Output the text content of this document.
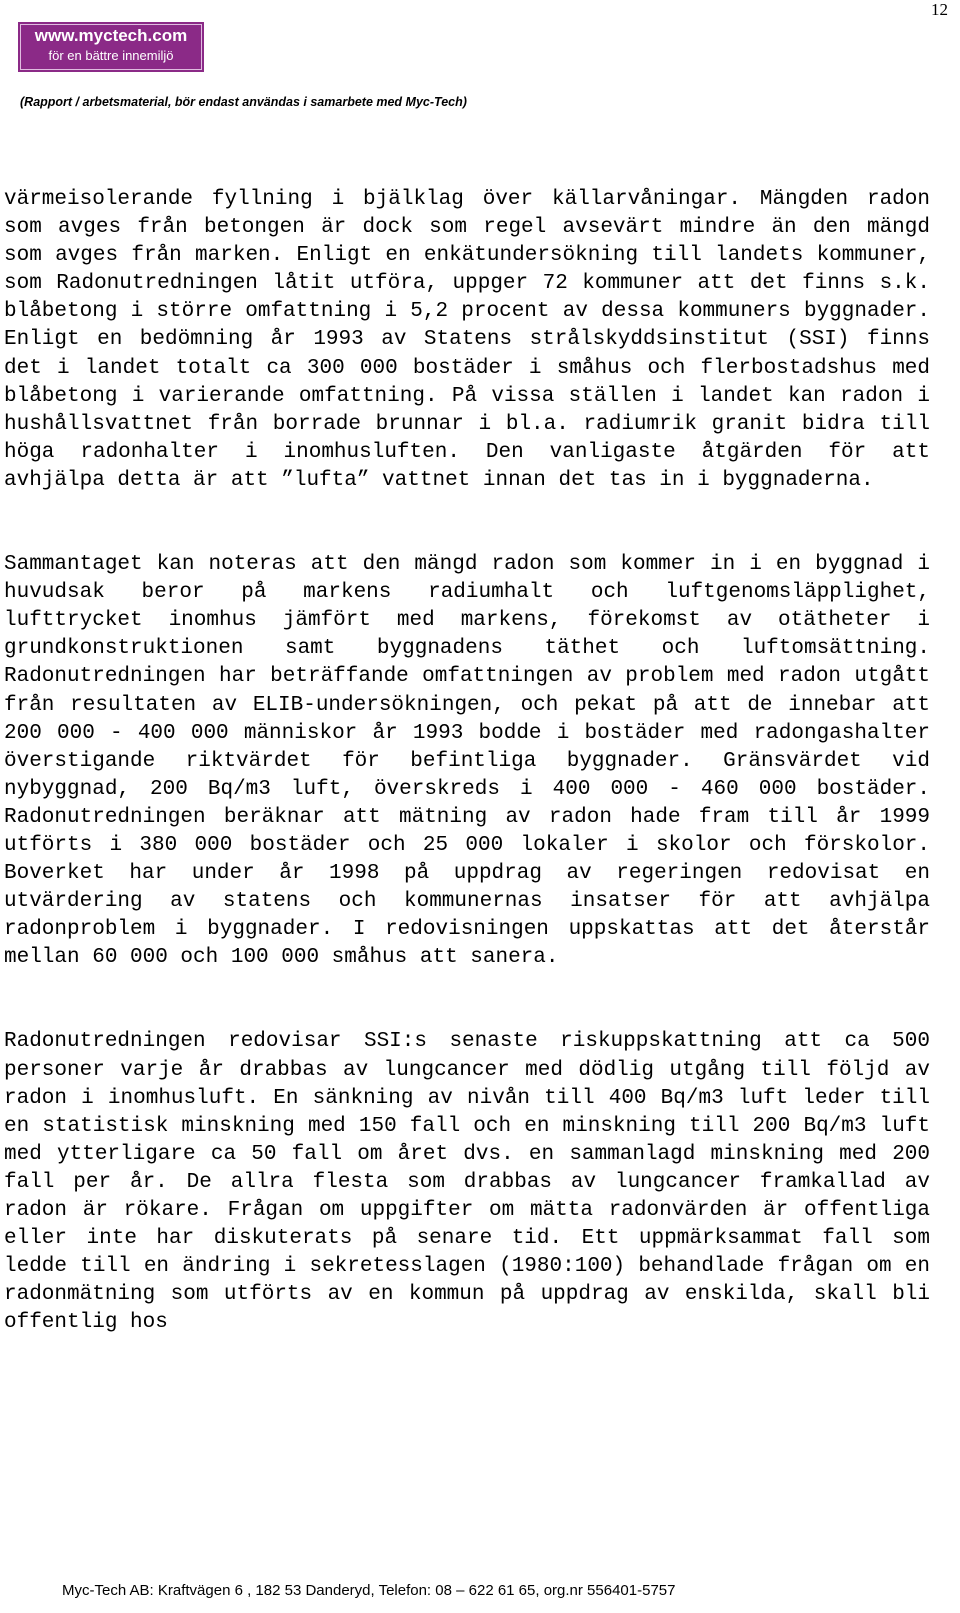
12
www.myctech.com
för en bättre innemiljö
(Rapport / arbetsmaterial, bör endast användas i samarbete med Myc-Tech)

värmeisolerande fyllning i bjälklag över källarvåningar. Mängden radon som avges från betongen är dock som regel avsevärt mindre än den mängd som avges från marken. Enligt en enkätundersökning till landets kommuner, som Radonutredningen låtit utföra, uppger 72 kommuner att det finns s.k. blåbetong i större omfattning i 5,2 procent av dessa kommuners byggnader. Enligt en bedömning år 1993 av Statens strålskyddsinstitut (SSI) finns det i landet totalt ca 300 000 bostäder i småhus och flerbostadshus med blåbetong i varierande omfattning. På vissa ställen i landet kan radon i hushållsvattnet från borrade brunnar i bl.a. radiumrik granit bidra till höga radonhalter i inomhusluften. Den vanligaste åtgärden för att avhjälpa detta är att ”lufta” vattnet innan det tas in i byggnaderna.

Sammantaget kan noteras att den mängd radon som kommer in i en byggnad i huvudsak beror på markens radiumhalt och luftgenomsläpplighet, lufttrycket inomhus jämfört med markens, förekomst av otätheter i grundkonstruktionen samt byggnadens täthet och luftomsättning. Radonutredningen har beträffande omfattningen av problem med radon utgått från resultaten av ELIB-undersökningen, och pekat på att de innebar att 200 000 - 400 000 människor år 1993 bodde i bostäder med radongashalter överstigande riktvärdet för befintliga byggnader. Gränsvärdet vid nybyggnad, 200 Bq/m3 luft, överskreds i 400 000 - 460 000 bostäder. Radonutredningen beräknar att mätning av radon hade fram till år 1999 utförts i 380 000 bostäder och 25 000 lokaler i skolor och förskolor. Boverket har under år 1998 på uppdrag av regeringen redovisat en utvärdering av statens och kommunernas insatser för att avhjälpa radonproblem i byggnader. I redovisningen uppskattas att det återstår mellan 60 000 och 100 000 småhus att sanera.

Radonutredningen redovisar SSI:s senaste riskuppskattning att ca 500 personer varje år drabbas av lungcancer med dödlig utgång till följd av radon i inomhusluft. En sänkning av nivån till 400 Bq/m3 luft leder till en statistisk minskning med 150 fall och en minskning till 200 Bq/m3 luft med ytterligare ca 50 fall om året dvs. en sammanlagd minskning med 200 fall per år. De allra flesta som drabbas av lungcancer framkallad av radon är rökare. Frågan om uppgifter om mätta radonvärden är offentliga eller inte har diskuterats på senare tid. Ett uppmärksammat fall som ledde till en ändring i sekretesslagen (1980:100) behandlade frågan om en radonmätning som utförts av en kommun på uppdrag av enskilda, skall bli offentlig hos

Myc-Tech AB: Kraftvägen 6 , 182 53 Danderyd, Telefon: 08 – 622 61 65, org.nr 556401-5757
